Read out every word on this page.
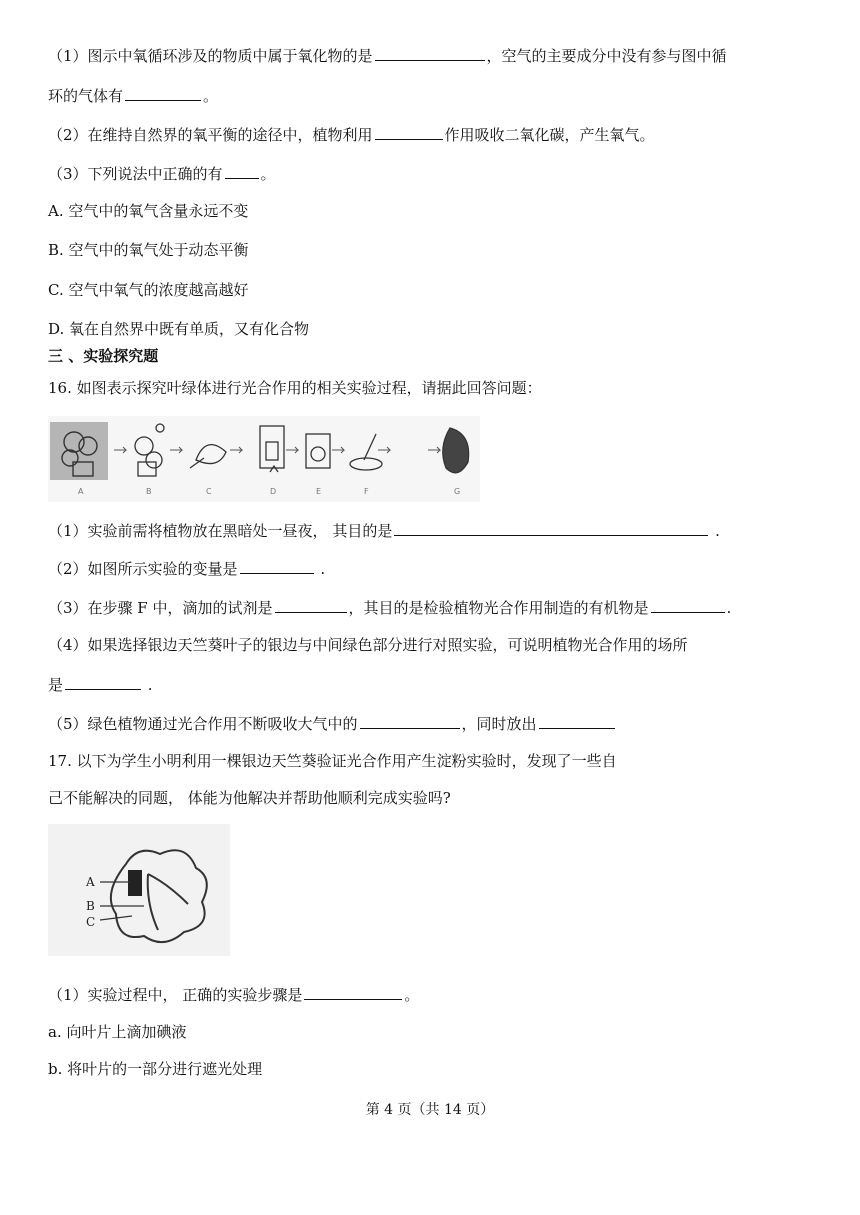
（1）图示中氧循环涉及的物质中属于氧化物的是	，空气的主要成分中没有参与图中循
环的气体有	。
（2）在维持自然界的氧平衡的途径中，植物利用	作用吸收二氧化碳，产生氧气。
（3）下列说法中正确的有	。
A. 空气中的氧气含量永远不变
B. 空气中的氧气处于动态平衡
C. 空气中氧气的浓度越高越好
D. 氧在自然界中既有单质，又有化合物
三 、实验探究题
16. 如图表示探究叶绿体进行光合作用的相关实验过程，请据此回答问题：
A	B	C	D	E	F	G
（1）实验前需将植物放在黑暗处一昼夜， 其目的是	.
（2）如图所示实验的变量是	.
（3）在步骤 F 中，滴加的试剂是	，其目的是检验植物光合作用制造的有机物是	.
（4）如果选择银边天竺葵叶子的银边与中间绿色部分进行对照实验，可说明植物光合作用的场所
是	.
（5）绿色植物通过光合作用不断吸收大气中的	，同时放出
17. 以下为学生小明利用一棵银边天竺葵验证光合作用产生淀粉实验时，发现了一些自
己不能解决的同题， 体能为他解决并帮助他顺利完成实验吗?
A
B
C
（1）实验过程中， 正确的实验步骤是	。
a. 向叶片上滴加碘液
b. 将叶片的一部分进行遮光处理
第 4 页（共 14 页）
